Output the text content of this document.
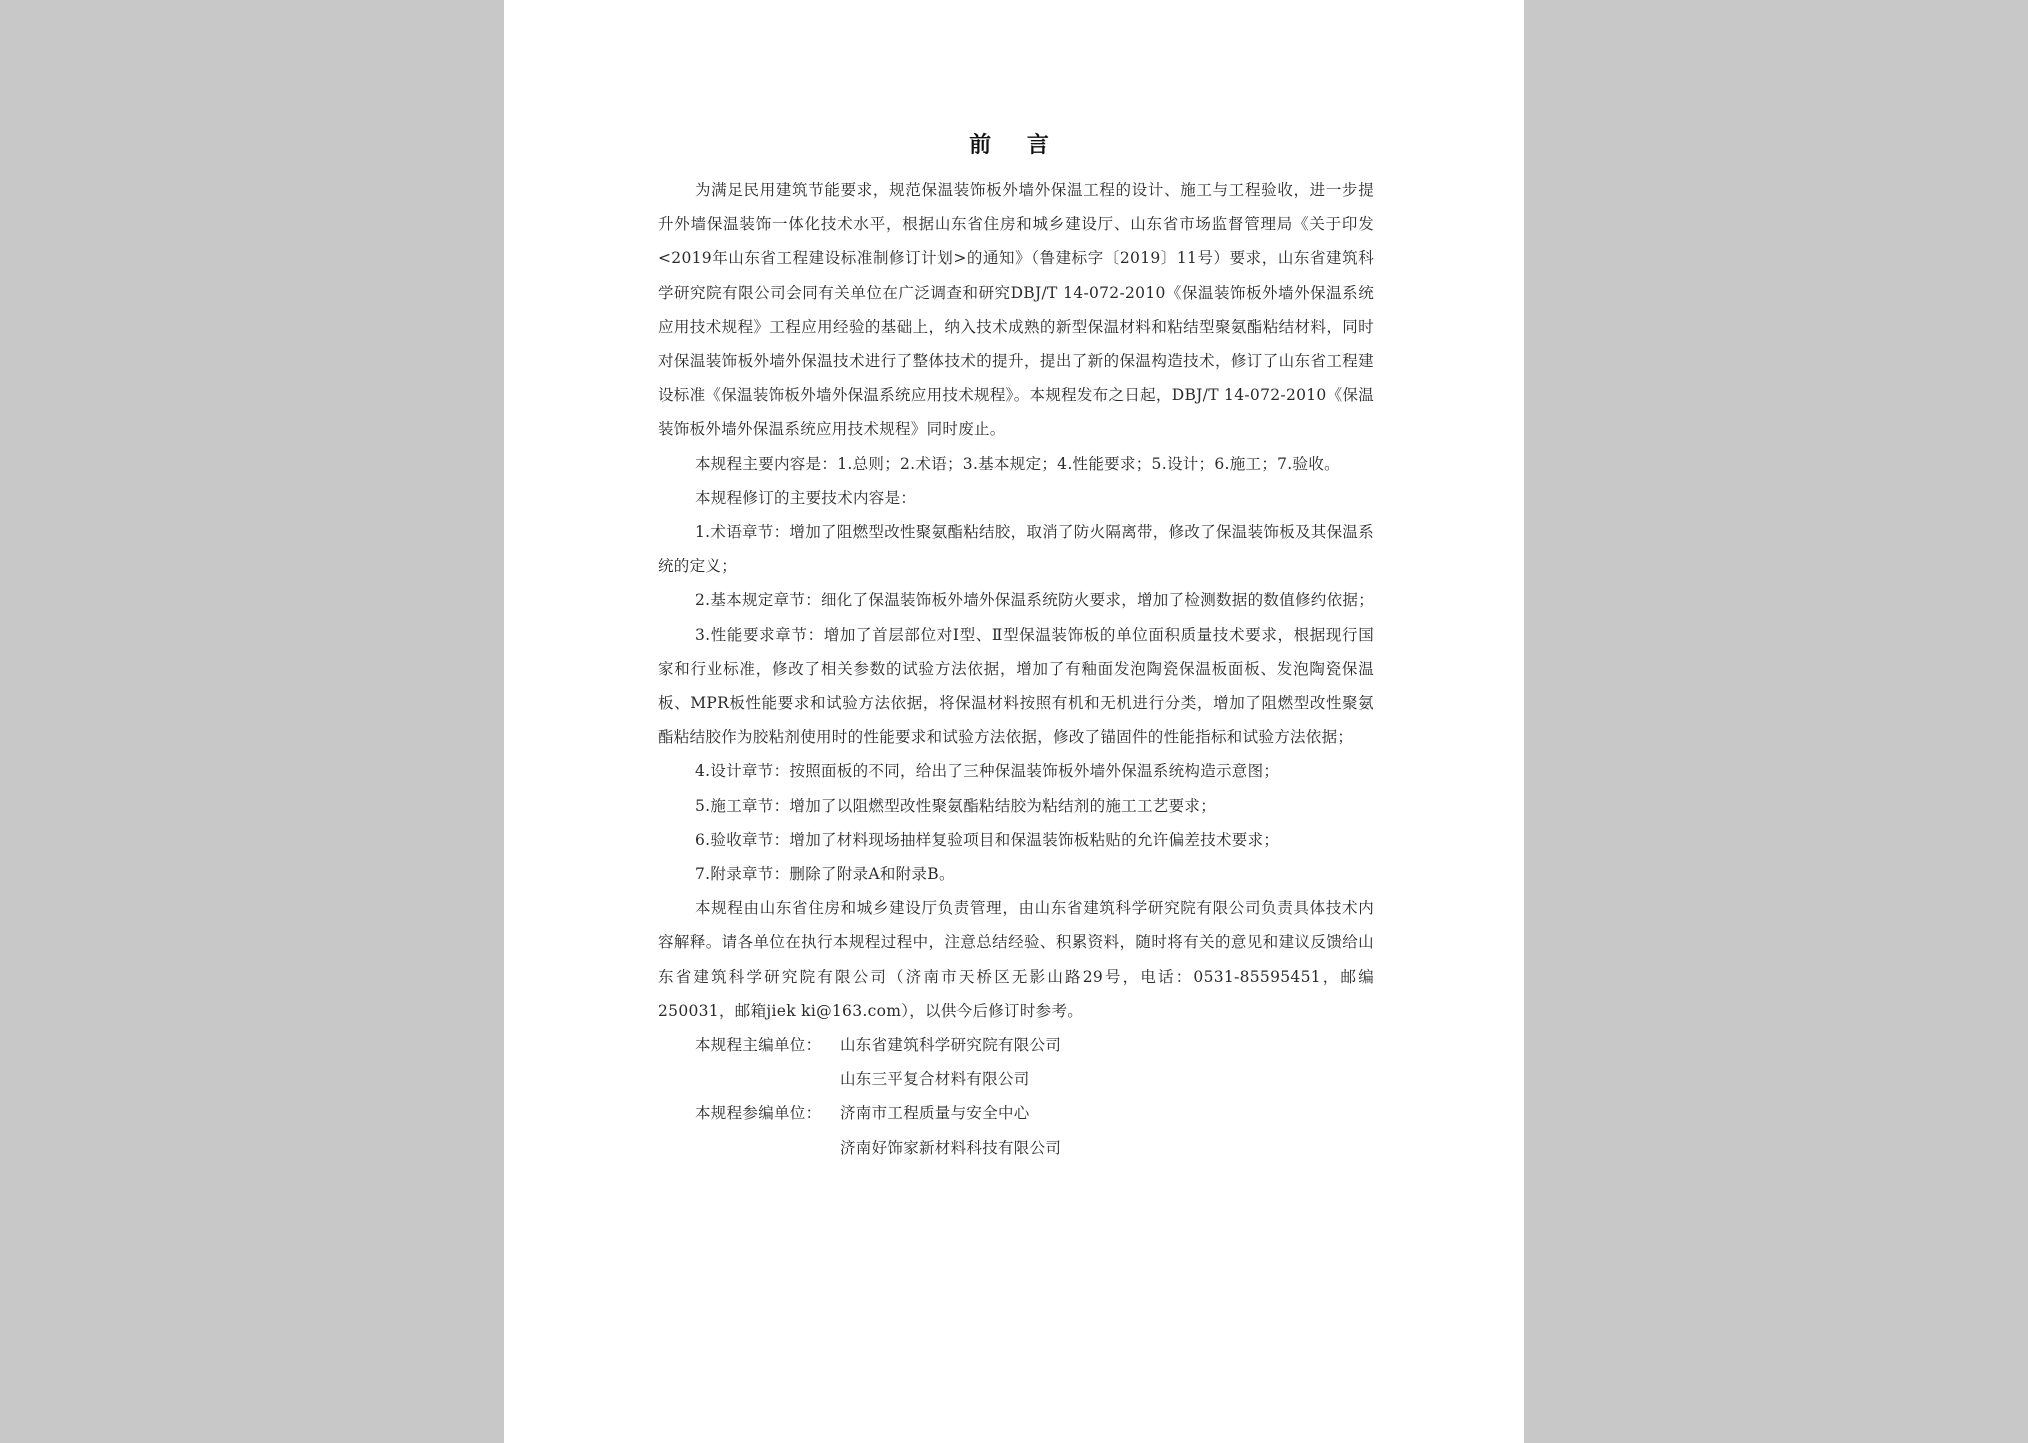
前 言

为满足民用建筑节能要求，规范保温装饰板外墙外保温工程的设计、施工与工程验收，进一步提升外墙保温装饰一体化技术水平，根据山东省住房和城乡建设厅、山东省市场监督管理局《关于印发<2019年山东省工程建设标准制修订计划>的通知》（鲁建标字〔2019〕11号）要求，山东省建筑科学研究院有限公司会同有关单位在广泛调查和研究DBJ/T 14-072-2010《保温装饰板外墙外保温系统应用技术规程》工程应用经验的基础上，纳入技术成熟的新型保温材料和粘结型聚氨酯粘结材料，同时对保温装饰板外墙外保温技术进行了整体技术的提升，提出了新的保温构造技术，修订了山东省工程建设标准《保温装饰板外墙外保温系统应用技术规程》。本规程发布之日起，DBJ/T 14-072-2010《保温装饰板外墙外保温系统应用技术规程》同时废止。

本规程主要内容是：1.总则；2.术语；3.基本规定；4.性能要求；5.设计；6.施工；7.验收。

本规程修订的主要技术内容是：

1.术语章节：增加了阻燃型改性聚氨酯粘结胶，取消了防火隔离带，修改了保温装饰板及其保温系统的定义；

2.基本规定章节：细化了保温装饰板外墙外保温系统防火要求，增加了检测数据的数值修约依据；

3.性能要求章节：增加了首层部位对Ⅰ型、Ⅱ型保温装饰板的单位面积质量技术要求，根据现行国家和行业标准，修改了相关参数的试验方法依据，增加了有釉面发泡陶瓷保温板面板、发泡陶瓷保温板、MPR板性能要求和试验方法依据，将保温材料按照有机和无机进行分类，增加了阻燃型改性聚氨酯粘结胶作为胶粘剂使用时的性能要求和试验方法依据，修改了锚固件的性能指标和试验方法依据；

4.设计章节：按照面板的不同，给出了三种保温装饰板外墙外保温系统构造示意图；

5.施工章节：增加了以阻燃型改性聚氨酯粘结胶为粘结剂的施工工艺要求；

6.验收章节：增加了材料现场抽样复验项目和保温装饰板粘贴的允许偏差技术要求；

7.附录章节：删除了附录A和附录B。

本规程由山东省住房和城乡建设厅负责管理，由山东省建筑科学研究院有限公司负责具体技术内容解释。请各单位在执行本规程过程中，注意总结经验、积累资料，随时将有关的意见和建议反馈给山东省建筑科学研究院有限公司（济南市天桥区无影山路29号，电话：0531-85595451，邮编250031，邮箱jiek ki@163.com），以供今后修订时参考。

本规程主编单位：	山东省建筑科学研究院有限公司
山东三平复合材料有限公司
本规程参编单位：	济南市工程质量与安全中心
济南好饰家新材料科技有限公司
